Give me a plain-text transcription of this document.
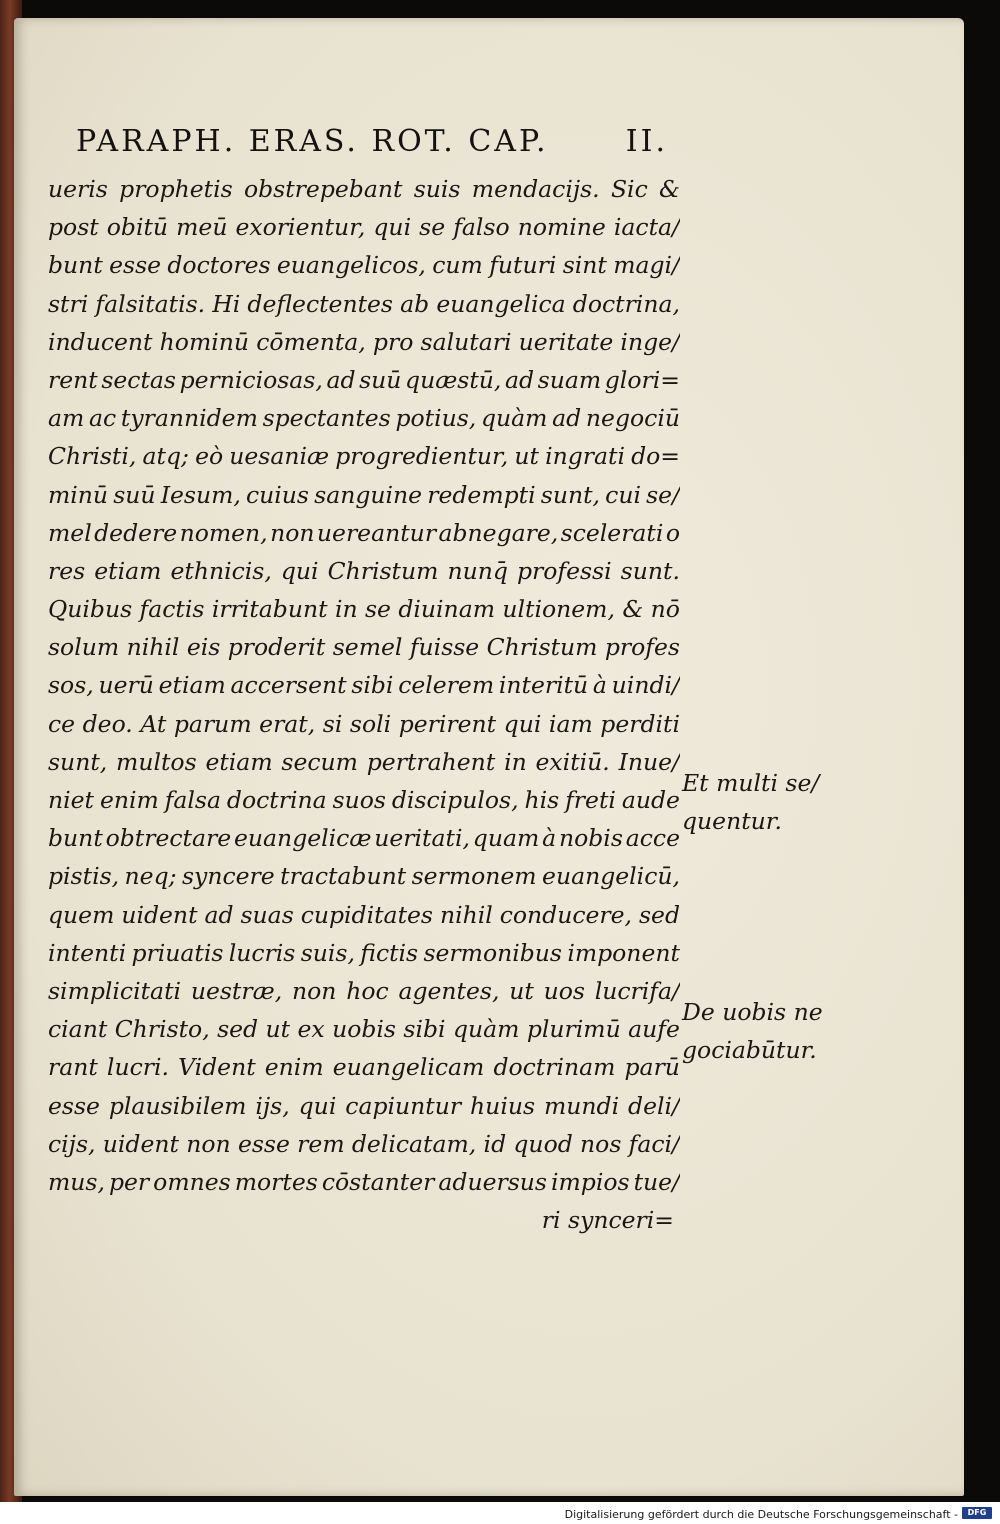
PARAPH. ERAS. ROT. CAP.	II.
ueris prophetis obstrepebant suis mendacijs. Sic &
post obitū meū exorientur, qui se falso nomine iacta/
bunt esse doctores euangelicos, cum futuri sint magi/
stri falsitatis. Hi deflectentes ab euangelica doctrina,
inducent hominū cōmenta, pro salutari ueritate inge/
rent sectas perniciosas, ad suū quæstū, ad suam glori=
am ac tyrannidem spectantes potius, quàm ad negociū
Christi, atq; eò uesaniæ progredientur, ut ingrati do=
minū suū Iesum, cuius sanguine redempti sunt, cui se/
mel dedere nomen, non uereantur abnegare, scelerati o
res etiam ethnicis, qui Christum nunq̄ professi sunt.
Quibus factis irritabunt in se diuinam ultionem, & nō
solum nihil eis proderit semel fuisse Christum profes
sos, uerū etiam accersent sibi celerem interitū à uindi/
ce deo. At parum erat, si soli perirent qui iam perditi
sunt, multos etiam secum pertrahent in exitiū. Inue/
niet enim falsa doctrina suos discipulos, his freti aude
bunt obtrectare euangelicæ ueritati, quam à nobis acce
pistis, neq; syncere tractabunt sermonem euangelicū,
quem uident ad suas cupiditates nihil conducere, sed
intenti priuatis lucris suis, fictis sermonibus imponent
simplicitati uestræ, non hoc agentes, ut uos lucrifa/
ciant Christo, sed ut ex uobis sibi quàm plurimū aufe
rant lucri. Vident enim euangelicam doctrinam parū
esse plausibilem ijs, qui capiuntur huius mundi deli/
cijs, uident non esse rem delicatam, id quod nos faci/
mus, per omnes mortes cōstanter aduersus impios tue/
ri synceri=
Et multi se/
quentur.
De uobis ne
gociabūtur.
Digitalisierung gefördert durch die Deutsche Forschungsgemeinschaft -	DFG
